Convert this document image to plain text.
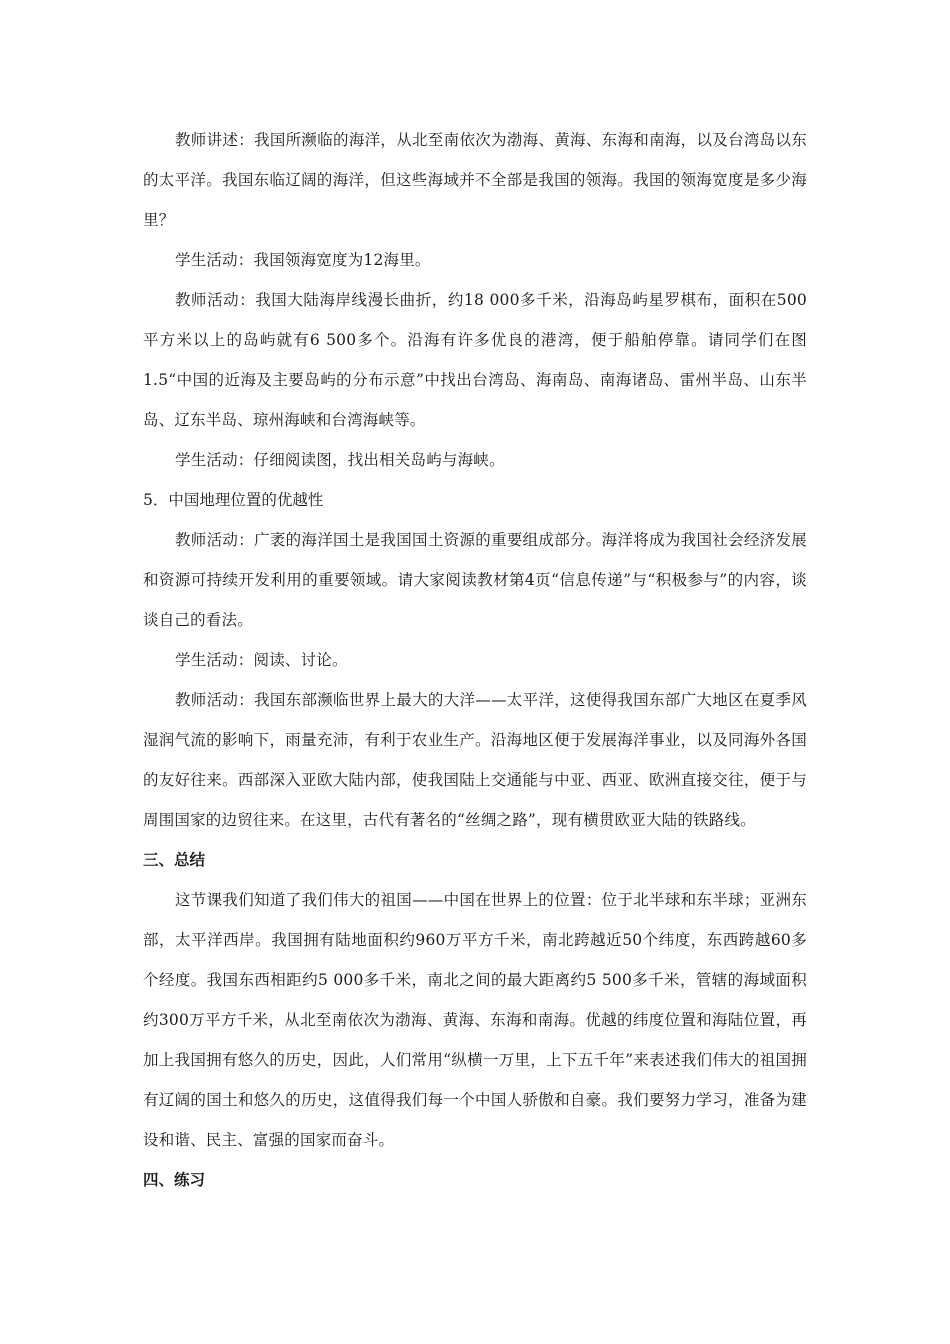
教师讲述：我国所濒临的海洋，从北至南依次为渤海、黄海、东海和南海，以及台湾岛以东的太平洋。我国东临辽阔的海洋，但这些海域并不全部是我国的领海。我国的领海宽度是多少海里？

学生活动：我国领海宽度为12海里。

教师活动：我国大陆海岸线漫长曲折，约18 000多千米，沿海岛屿星罗棋布，面积在500平方米以上的岛屿就有6 500多个。沿海有许多优良的港湾，便于船舶停靠。请同学们在图1.5“中国的近海及主要岛屿的分布示意”中找出台湾岛、海南岛、南海诸岛、雷州半岛、山东半岛、辽东半岛、琼州海峡和台湾海峡等。

学生活动：仔细阅读图，找出相关岛屿与海峡。

5．中国地理位置的优越性

教师活动：广袤的海洋国土是我国国土资源的重要组成部分。海洋将成为我国社会经济发展和资源可持续开发利用的重要领域。请大家阅读教材第4页“信息传递”与“积极参与”的内容，谈谈自己的看法。

学生活动：阅读、讨论。

教师活动：我国东部濒临世界上最大的大洋——太平洋，这使得我国东部广大地区在夏季风湿润气流的影响下，雨量充沛，有利于农业生产。沿海地区便于发展海洋事业，以及同海外各国的友好往来。西部深入亚欧大陆内部，使我国陆上交通能与中亚、西亚、欧洲直接交往，便于与周围国家的边贸往来。在这里，古代有著名的“丝绸之路”，现有横贯欧亚大陆的铁路线。

三、总结

这节课我们知道了我们伟大的祖国——中国在世界上的位置：位于北半球和东半球；亚洲东部，太平洋西岸。我国拥有陆地面积约960万平方千米，南北跨越近50个纬度，东西跨越60多个经度。我国东西相距约5 000多千米，南北之间的最大距离约5 500多千米，管辖的海域面积约300万平方千米，从北至南依次为渤海、黄海、东海和南海。优越的纬度位置和海陆位置，再加上我国拥有悠久的历史，因此，人们常用“纵横一万里，上下五千年”来表述我们伟大的祖国拥有辽阔的国土和悠久的历史，这值得我们每一个中国人骄傲和自豪。我们要努力学习，准备为建设和谐、民主、富强的国家而奋斗。

四、练习
